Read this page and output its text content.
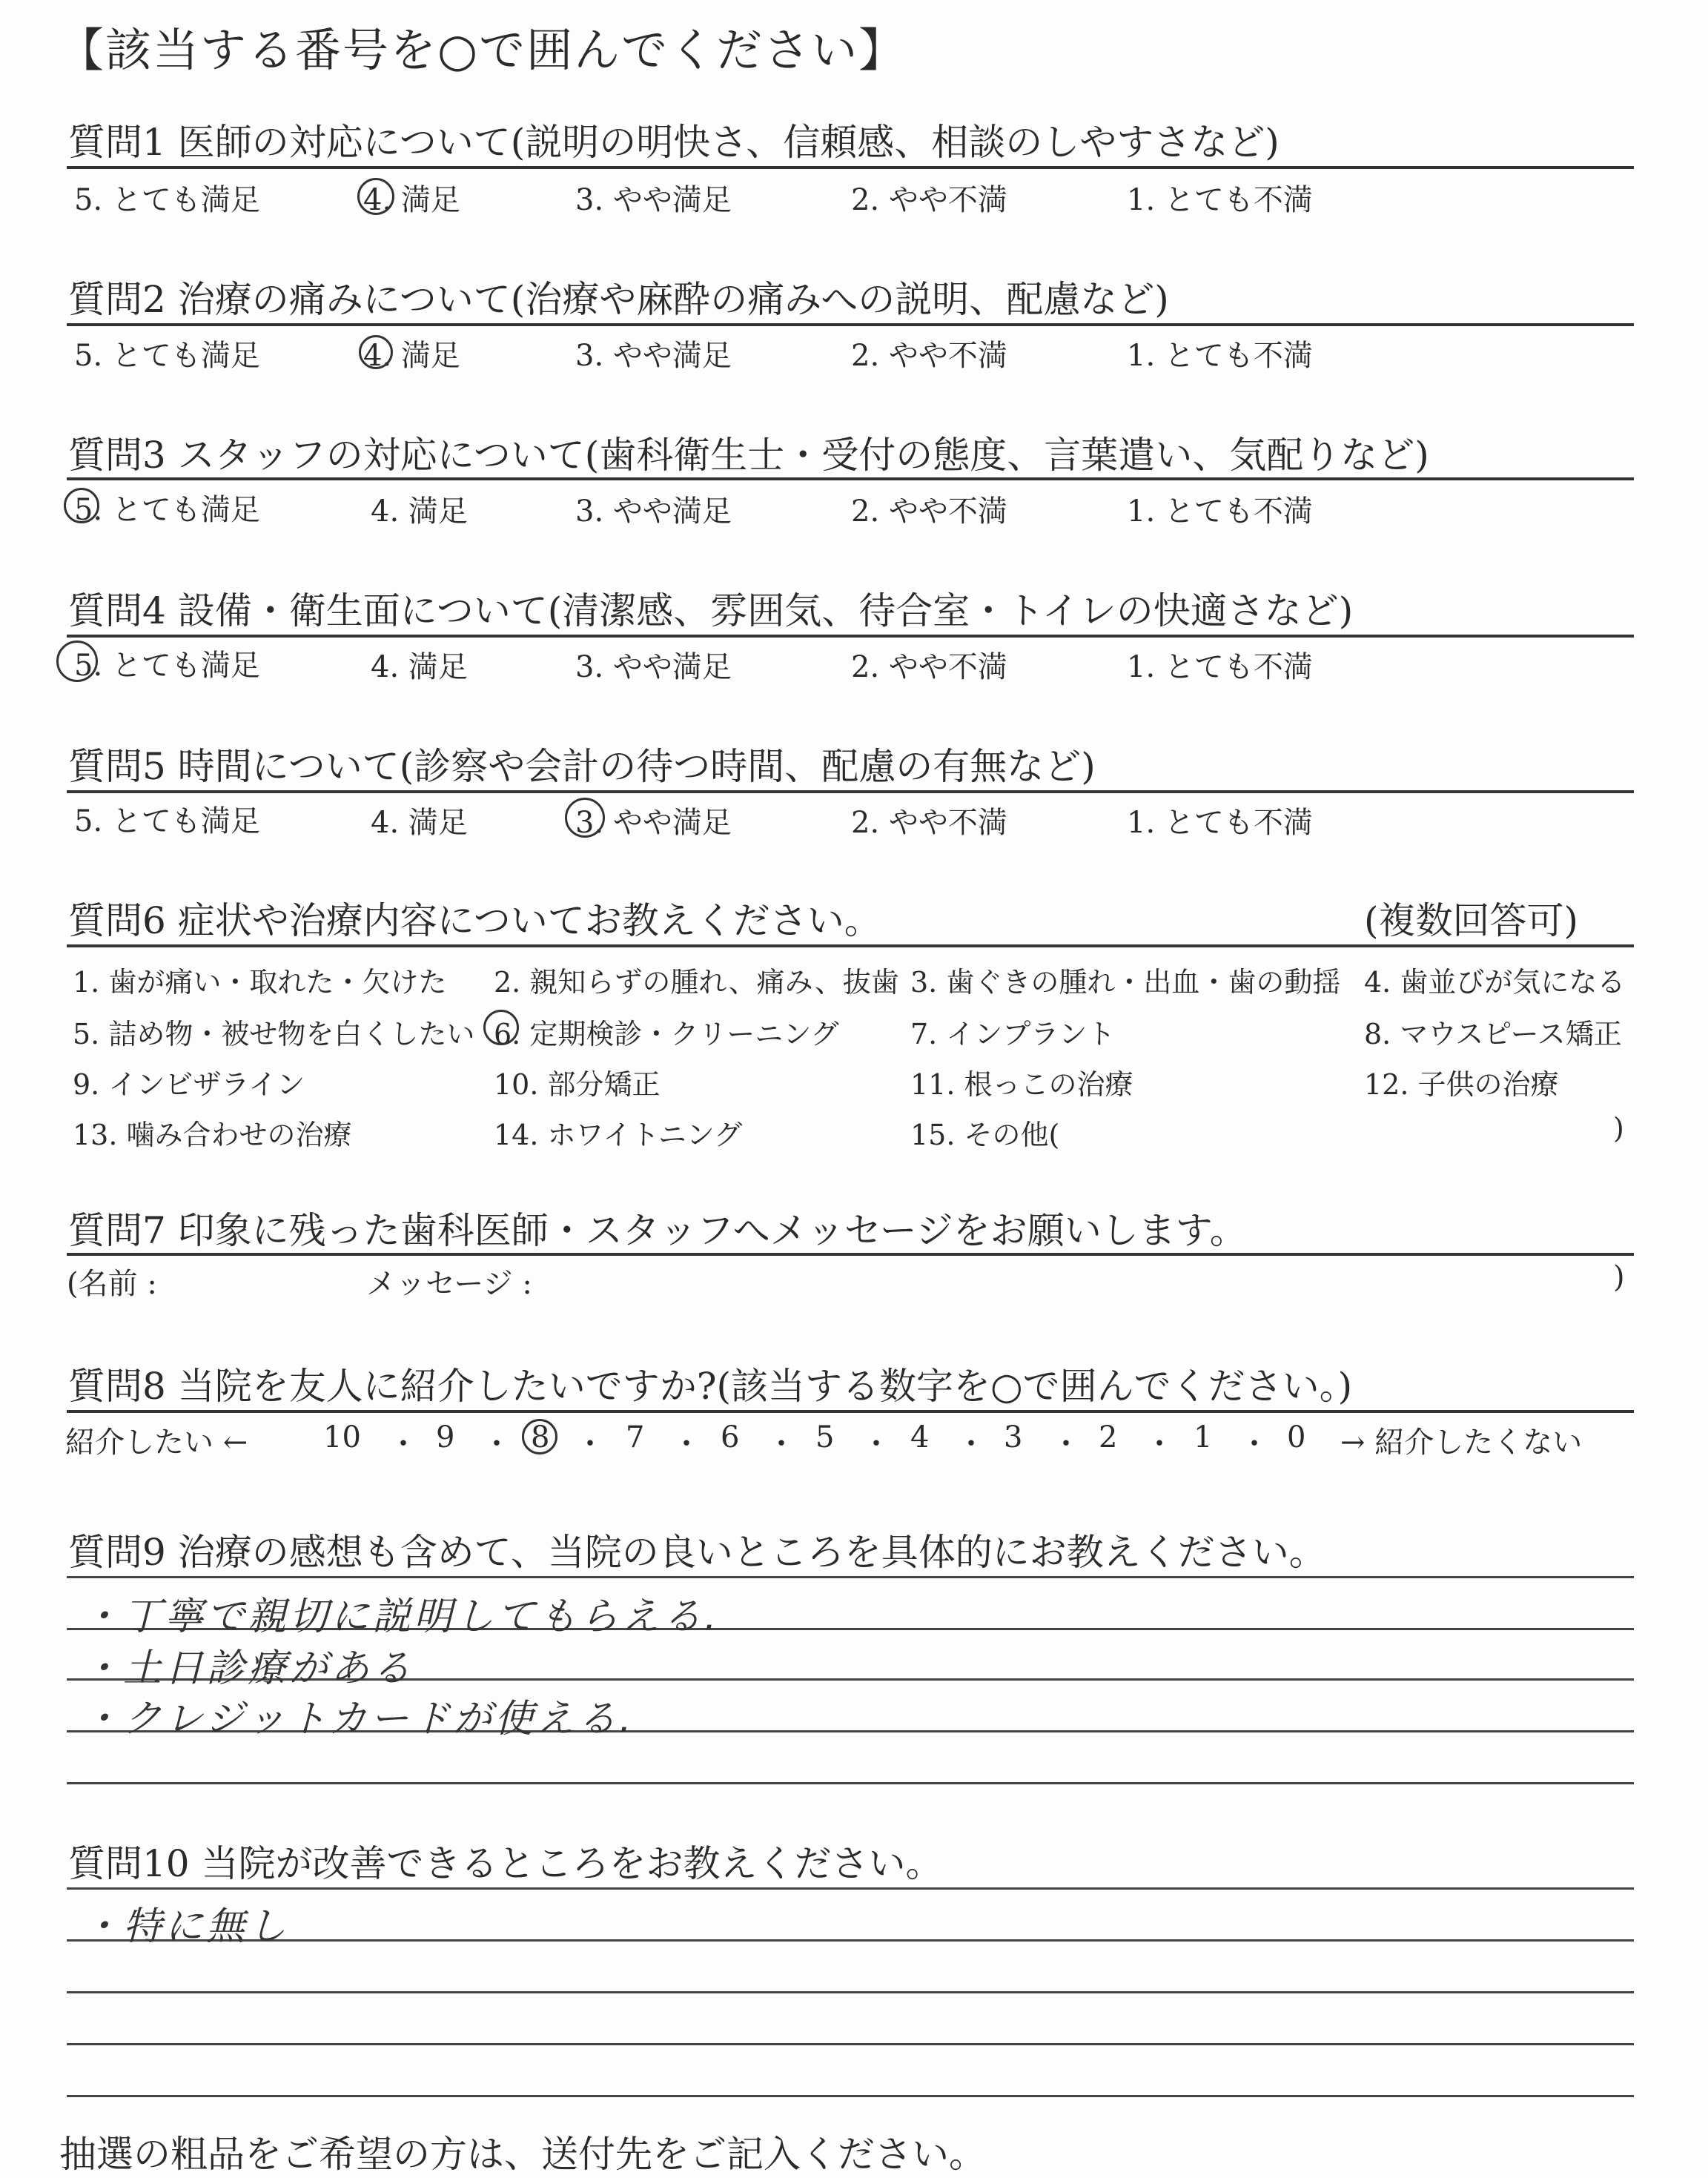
【該当する番号を○で囲んでください】
質問1 医師の対応について(説明の明快さ、信頼感、相談のしやすさなど)
5. とても満足	4. 満足	3. やや満足	2. やや不満	1. とても不満
質問2 治療の痛みについて(治療や麻酔の痛みへの説明、配慮など)
5. とても満足	4. 満足	3. やや満足	2. やや不満	1. とても不満
質問3 スタッフの対応について(歯科衛生士・受付の態度、言葉遣い、気配りなど)
5. とても満足	4. 満足	3. やや満足	2. やや不満	1. とても不満
質問4 設備・衛生面について(清潔感、雰囲気、待合室・トイレの快適さなど)
5. とても満足	4. 満足	3. やや満足	2. やや不満	1. とても不満
質問5 時間について(診察や会計の待つ時間、配慮の有無など)
5. とても満足	4. 満足	3. やや満足	2. やや不満	1. とても不満
質問6 症状や治療内容についてお教えください。	(複数回答可)
1. 歯が痛い・取れた・欠けた 2. 親知らずの腫れ、痛み、抜歯 3. 歯ぐきの腫れ・出血・歯の動揺 4. 歯並びが気になる
5. 詰め物・被せ物を白くしたい 6. 定期検診・クリーニング	7. インプラント	8. マウスピース矯正
9. インビザライン	10. 部分矯正	11. 根っこの治療	12. 子供の治療
13. 噛み合わせの治療	14. ホワイトニング	15. その他(	)
質問7 印象に残った歯科医師・スタッフへメッセージをお願いします。
(名前 :	メッセージ :	)
質問8 当院を友人に紹介したいですか?(該当する数字を○で囲んでください。)
紹介したい ←	10 ・ 9 ・ 8 ・ 7 ・ 6 ・ 5 ・ 4 ・ 3 ・ 2 ・ 1 ・ 0 → 紹介したくない
質問9 治療の感想も含めて、当院の良いところを具体的にお教えください。
・丁寧で親切に説明してもらえる.
・土日診療がある
・クレジットカードが使える.
質問10 当院が改善できるところをお教えください。
・特に無し
抽選の粗品をご希望の方は、送付先をご記入ください。
